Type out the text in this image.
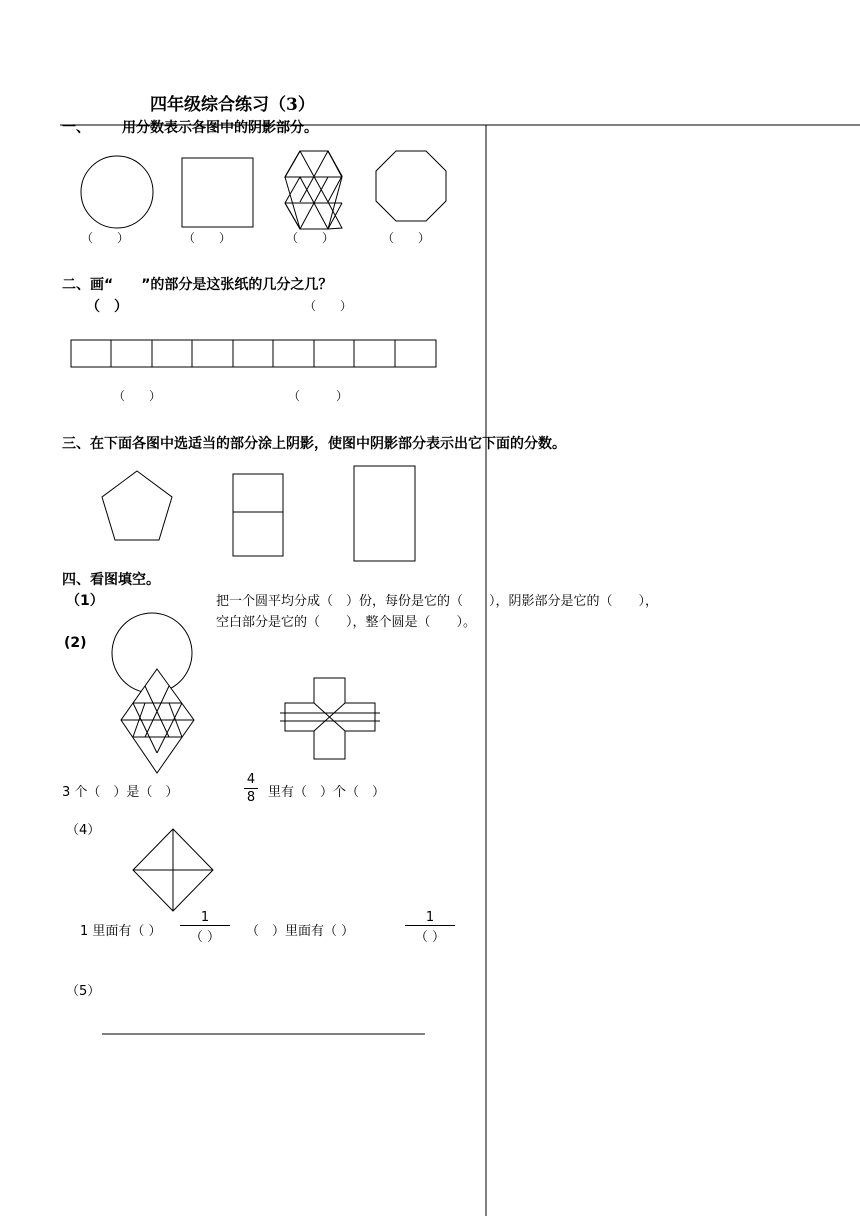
四年级综合练习（3）
一、 用分数表示各图中的阴影部分。
（　　）	（　　）	（　　）	（　　）
二、画“　　”的部分是这张纸的几分之几？
（　）	（　　）
（　　）	（　　　）
三、在下面各图中选适当的部分涂上阴影，使图中阴影部分表示出它下面的分数。
四、看图填空。
（1）	把一个圆平均分成（　）份，每份是它的（　　），阴影部分是它的（　　），
空白部分是它的（　　），整个圆是（　　）。
(2)
3 个（　）是（　）
4
8 里有（　）个（　）
（4）
1 里面有（ ）
1
（ ）	（　）里面有（ ）
1
（ ）
（5）
